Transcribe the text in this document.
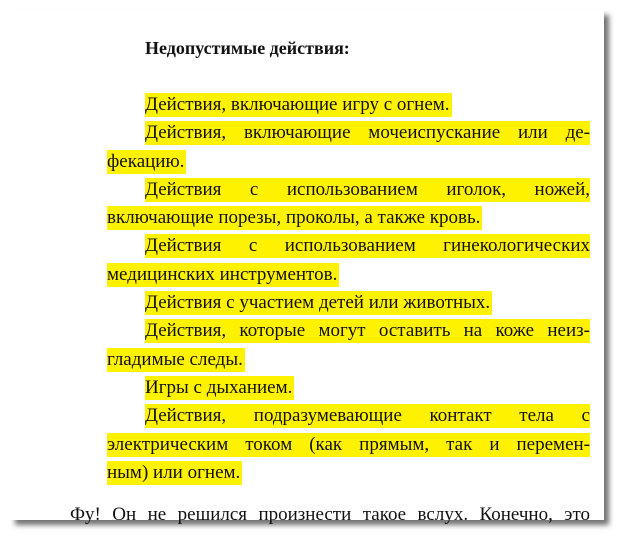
Недопустимые действия:
Действия, включающие игру с огнем.
Действия, включающие мочеиспускание или де-
фекацию.
Действия с использованием иголок, ножей,
включающие порезы, проколы, а также кровь.
Действия с использованием гинекологических
медицинских инструментов.
Действия с участием детей или животных.
Действия, которые могут оставить на коже неиз-
гладимые следы.
Игры с дыханием.
Действия, подразумевающие контакт тела с
электрическим током (как прямым, так и перемен-
ным) или огнем.
Фу! Он не решился произнести такое вслух. Конечно, это
